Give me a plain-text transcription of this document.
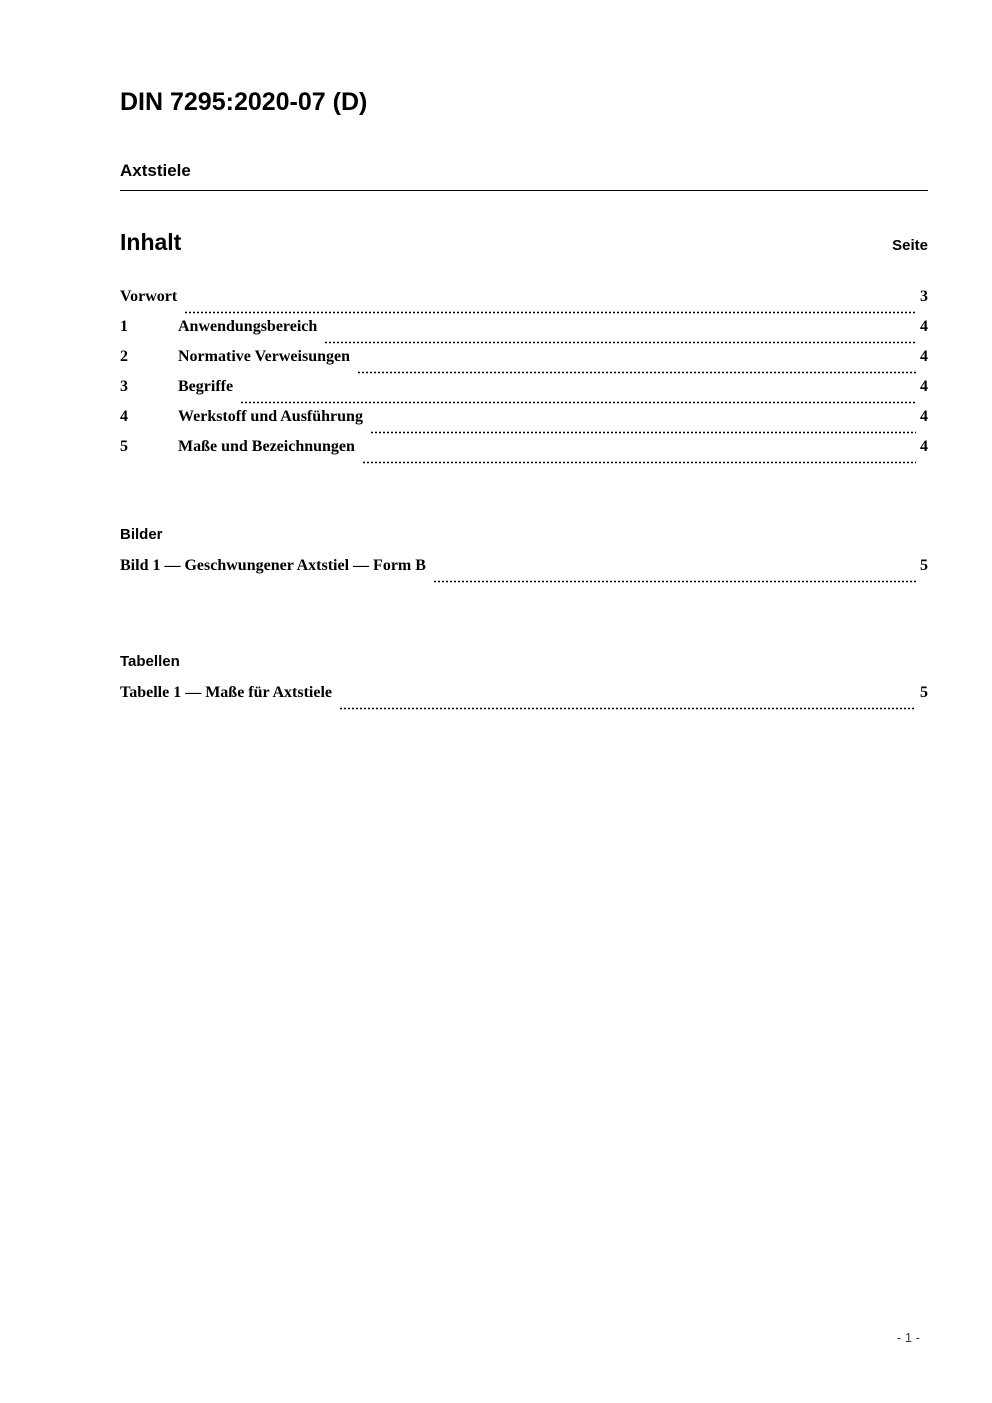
DIN 7295:2020-07 (D)
Axtstiele
Inhalt	Seite
Vorwort	3
1	Anwendungsbereich	4
2	Normative Verweisungen	4
3	Begriffe	4
4	Werkstoff und Ausführung	4
5	Maße und Bezeichnungen	4
Bilder
Bild 1 — Geschwungener Axtstiel — Form B	5
Tabellen
Tabelle 1 — Maße für Axtstiele	5
- 1 -
